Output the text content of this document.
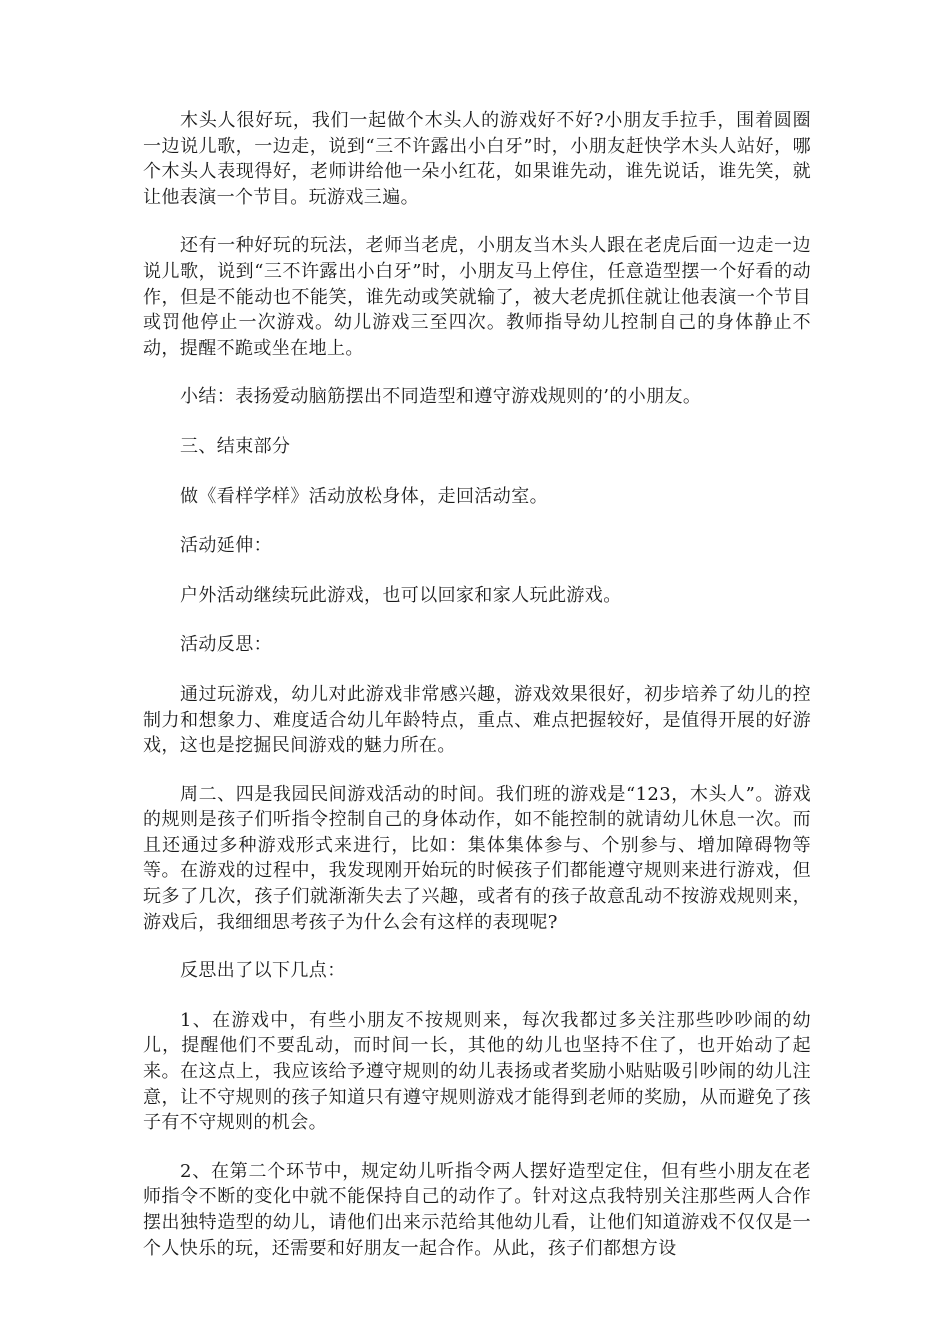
木头人很好玩，我们一起做个木头人的游戏好不好?小朋友手拉手，围着圆圈一边说儿歌，一边走，说到“三不许露出小白牙”时，小朋友赶快学木头人站好，哪个木头人表现得好，老师讲给他一朵小红花，如果谁先动，谁先说话，谁先笑，就让他表演一个节目。玩游戏三遍。

还有一种好玩的玩法，老师当老虎，小朋友当木头人跟在老虎后面一边走一边说儿歌，说到“三不许露出小白牙”时，小朋友马上停住，任意造型摆一个好看的动作，但是不能动也不能笑，谁先动或笑就输了，被大老虎抓住就让他表演一个节目或罚他停止一次游戏。幼儿游戏三至四次。教师指导幼儿控制自己的身体静止不动，提醒不跪或坐在地上。

小结：表扬爱动脑筋摆出不同造型和遵守游戏规则的’的小朋友。

三、结束部分

做《看样学样》活动放松身体，走回活动室。

活动延伸：

户外活动继续玩此游戏，也可以回家和家人玩此游戏。

活动反思：

通过玩游戏，幼儿对此游戏非常感兴趣，游戏效果很好，初步培养了幼儿的控制力和想象力、难度适合幼儿年龄特点，重点、难点把握较好，是值得开展的好游戏，这也是挖掘民间游戏的魅力所在。

周二、四是我园民间游戏活动的时间。我们班的游戏是“123，木头人”。游戏的规则是孩子们听指令控制自己的身体动作，如不能控制的就请幼儿休息一次。而且还通过多种游戏形式来进行，比如：集体集体参与、个别参与、增加障碍物等等。在游戏的过程中，我发现刚开始玩的时候孩子们都能遵守规则来进行游戏，但玩多了几次，孩子们就渐渐失去了兴趣，或者有的孩子故意乱动不按游戏规则来，游戏后，我细细思考孩子为什么会有这样的表现呢?

反思出了以下几点：

1、在游戏中，有些小朋友不按规则来，每次我都过多关注那些吵吵闹的幼儿，提醒他们不要乱动，而时间一长，其他的幼儿也坚持不住了，也开始动了起来。在这点上，我应该给予遵守规则的幼儿表扬或者奖励小贴贴吸引吵闹的幼儿注意，让不守规则的孩子知道只有遵守规则游戏才能得到老师的奖励，从而避免了孩子有不守规则的机会。

2、在第二个环节中，规定幼儿听指令两人摆好造型定住，但有些小朋友在老师指令不断的变化中就不能保持自己的动作了。针对这点我特别关注那些两人合作摆出独特造型的幼儿，请他们出来示范给其他幼儿看，让他们知道游戏不仅仅是一个人快乐的玩，还需要和好朋友一起合作。从此，孩子们都想方设
